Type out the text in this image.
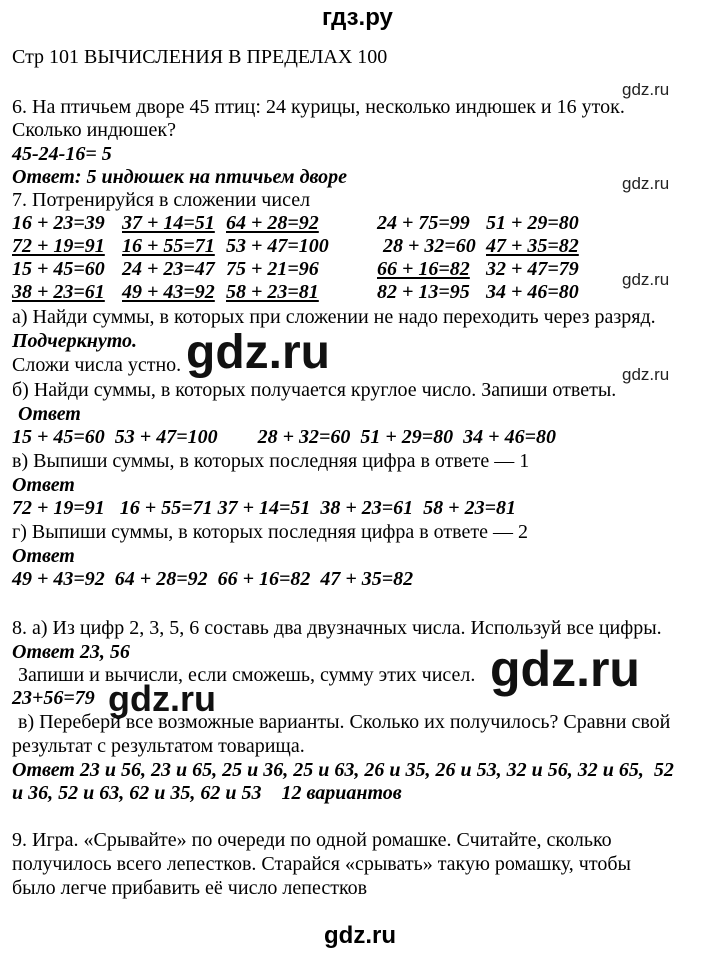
гдз.ру
Стр 101 ВЫЧИСЛЕНИЯ В ПРЕДЕЛАХ 100
gdz.ru
6. На птичьем дворе 45 птиц: 24 курицы, несколько индюшек и 16 уток.
Сколько индюшек?
45-24-16= 5
Ответ: 5 индюшек на птичьем дворе	gdz.ru
7. Потренируйся в сложении чисел
16 + 23=39 37 + 14=51 64 + 28=92	24 + 75=99 51 + 29=80
72 + 19=91 16 + 55=71 53 + 47=100	28 + 32=60 47 + 35=82
15 + 45=60 24 + 23=47 75 + 21=96	66 + 16=82 32 + 47=79
38 + 23=61 49 + 43=92 58 + 23=81	82 + 13=95 34 + 46=80
gdz.ru
а) Найди суммы, в которых при сложении не надо переходить через разряд.
Подчеркнуто.
Сложи числа устно. gdz.ru	gdz.ru
б) Найди суммы, в которых получается круглое число. Запиши ответы.
Ответ
15 + 45=60  53 + 47=100        28 + 32=60  51 + 29=80  34 + 46=80
в) Выпиши суммы, в которых последняя цифра в ответе — 1
Ответ
72 + 19=91   16 + 55=71 37 + 14=51  38 + 23=61  58 + 23=81
г) Выпиши суммы, в которых последняя цифра в ответе — 2
Ответ
49 + 43=92  64 + 28=92  66 + 16=82  47 + 35=82
8. а) Из цифр 2, 3, 5, 6 составь два двузначных числа. Используй все цифры.
Ответ 23, 56
Запиши и вычисли, если сможешь, сумму этих чисел.
23+56=79
gdz.ru
gdz.ru
в) Перебери все возможные варианты. Сколько их получилось? Сравни свой
результат с результатом товарища.
Ответ 23 и 56, 23 и 65, 25 и 36, 25 и 63, 26 и 35, 26 и 53, 32 и 56, 32 и 65,  52
и 36, 52 и 63, 62 и 35, 62 и 53    12 вариантов
9. Игра. «Срывайте» по очереди по одной ромашке. Считайте, сколько
получилось всего лепестков. Старайся «срывать» такую ромашку, чтобы
было легче прибавить её число лепестков
gdz.ru
